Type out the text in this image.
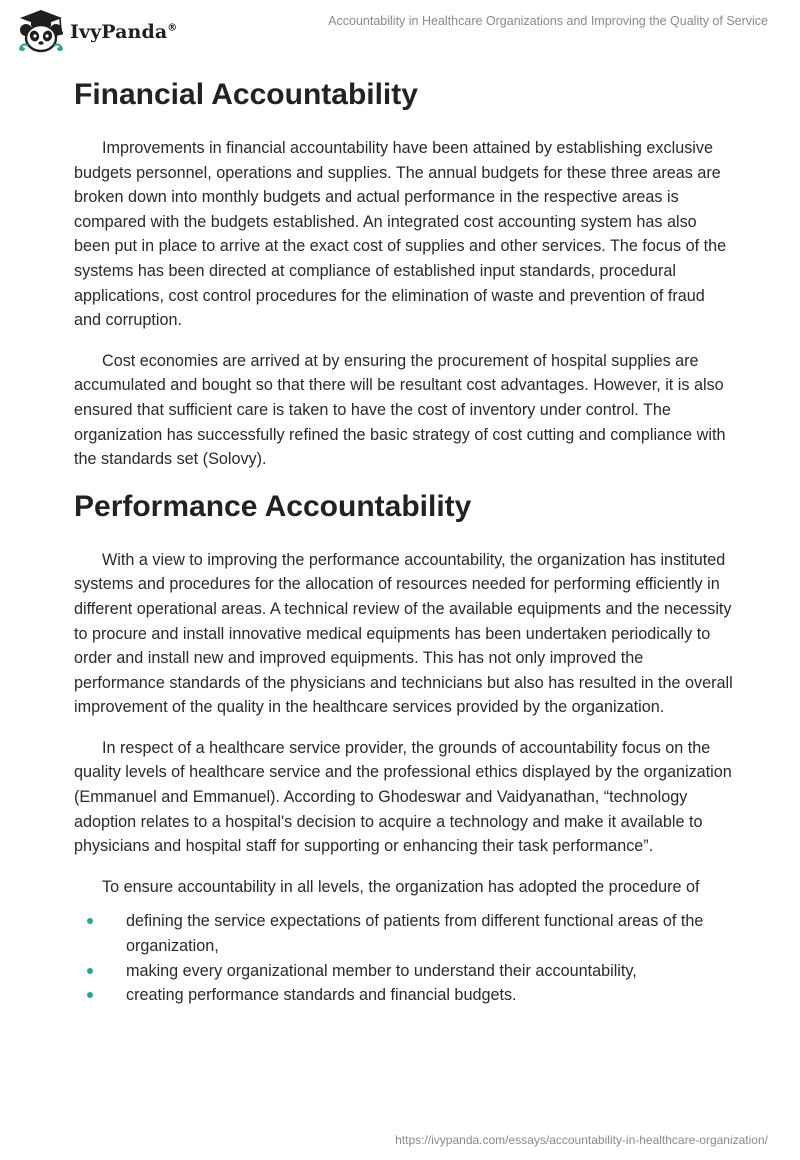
IvyPanda®
Accountability in Healthcare Organizations and Improving the Quality of Service
Financial Accountability

Improvements in financial accountability have been attained by establishing exclusive budgets personnel, operations and supplies. The annual budgets for these three areas are broken down into monthly budgets and actual performance in the respective areas is compared with the budgets established. An integrated cost accounting system has also been put in place to arrive at the exact cost of supplies and other services. The focus of the systems has been directed at compliance of established input standards, procedural applications, cost control procedures for the elimination of waste and prevention of fraud and corruption.

Cost economies are arrived at by ensuring the procurement of hospital supplies are accumulated and bought so that there will be resultant cost advantages. However, it is also ensured that sufficient care is taken to have the cost of inventory under control. The organization has successfully refined the basic strategy of cost cutting and compliance with the standards set (Solovy).

Performance Accountability

With a view to improving the performance accountability, the organization has instituted systems and procedures for the allocation of resources needed for performing efficiently in different operational areas. A technical review of the available equipments and the necessity to procure and install innovative medical equipments has been undertaken periodically to order and install new and improved equipments. This has not only improved the performance standards of the physicians and technicians but also has resulted in the overall improvement of the quality in the healthcare services provided by the organization.

In respect of a healthcare service provider, the grounds of accountability focus on the quality levels of healthcare service and the professional ethics displayed by the organization (Emmanuel and Emmanuel). According to Ghodeswar and Vaidyanathan, “technology adoption relates to a hospital's decision to acquire a technology and make it available to physicians and hospital staff for supporting or enhancing their task performance”.

To ensure accountability in all levels, the organization has adopted the procedure of

defining the service expectations of patients from different functional areas of the organization,
making every organizational member to understand their accountability,
creating performance standards and financial budgets.
https://ivypanda.com/essays/accountability-in-healthcare-organization/
